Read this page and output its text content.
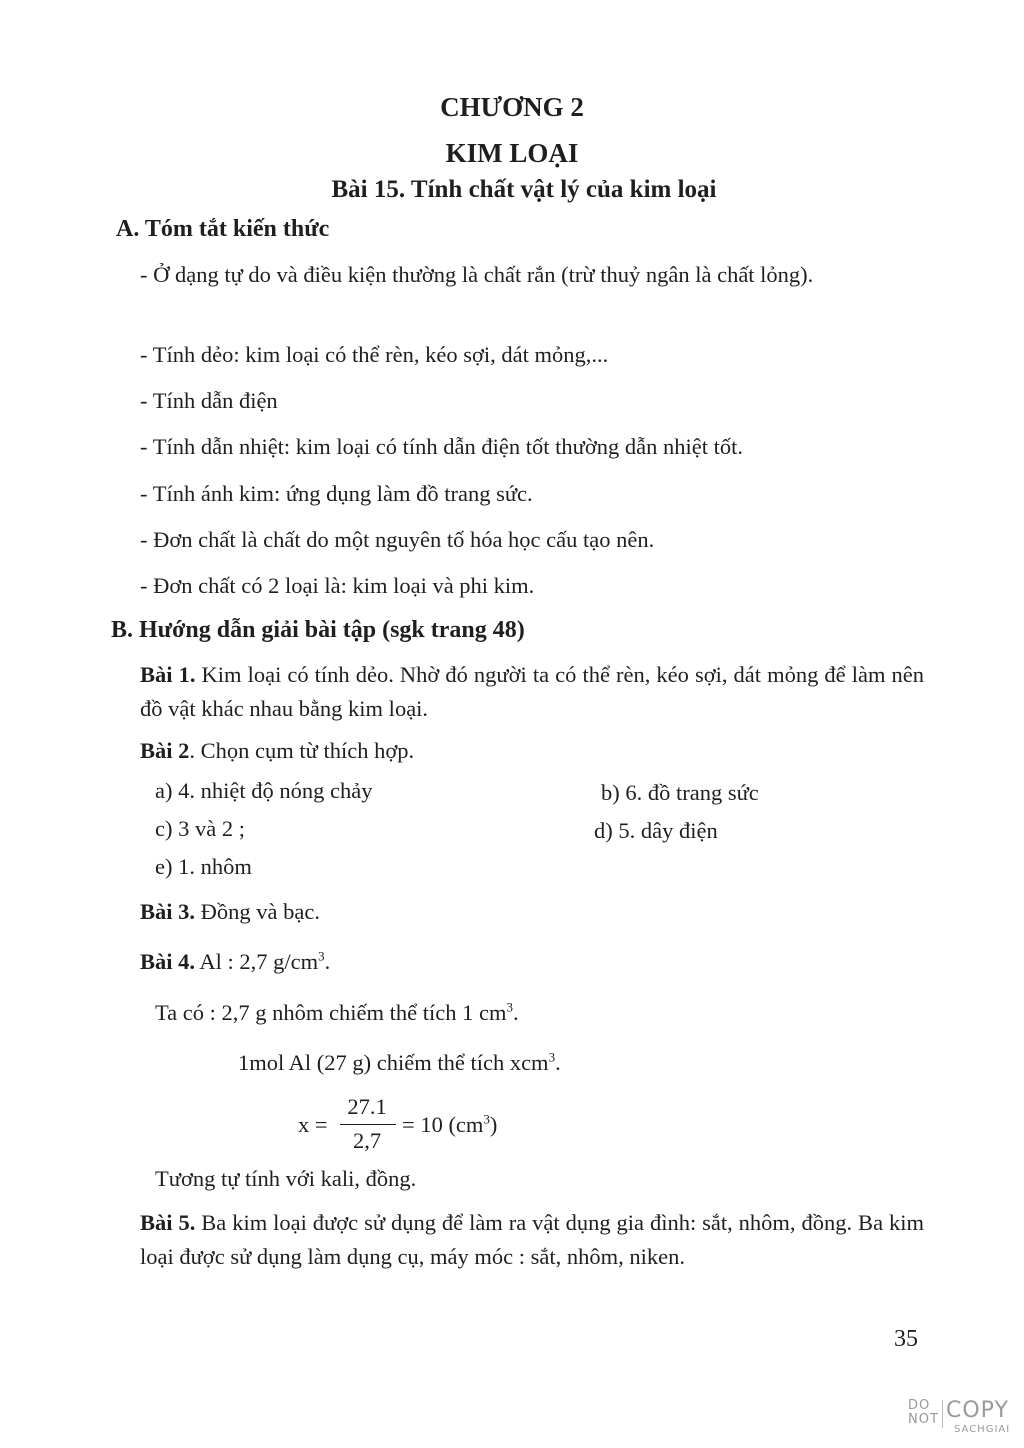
CHƯƠNG 2
KIM LOẠI
Bài 15. Tính chất vật lý của kim loại
A. Tóm tắt kiến thức
- Ở dạng tự do và điều kiện thường là chất rắn (trừ thuỷ ngân là chất lỏng).
- Tính dẻo: kim loại có thể rèn, kéo sợi, dát mỏng,...
- Tính dẫn điện
- Tính dẫn nhiệt: kim loại có tính dẫn điện tốt thường dẫn nhiệt tốt.
- Tính ánh kim: ứng dụng làm đồ trang sức.
- Đơn chất là chất do một nguyên tố hóa học cấu tạo nên.
- Đơn chất có 2 loại là: kim loại và phi kim.
B. Hướng dẫn giải bài tập (sgk trang 48)
Bài 1. Kim loại có tính dẻo. Nhờ đó người ta có thể rèn, kéo sợi, dát mỏng để làm nên đồ vật khác nhau bằng kim loại.
Bài 2. Chọn cụm từ thích hợp.
a) 4. nhiệt độ nóng chảy	b) 6. đồ trang sức
c) 3 và 2 ;	d) 5. dây điện
e) 1. nhôm
Bài 3. Đồng và bạc.
Bài 4. Al : 2,7 $g/cm^3$.
Ta có : 2,7 g nhôm chiếm thể tích 1 $cm^3$.
1mol Al (27 g) chiếm thể tích xcm$^3$.
x =
27.1
2,7
= 10 $(cm^3)$
Tương tự tính với kali, đồng.
Bài 5. Ba kim loại được sử dụng để làm ra vật dụng gia đình: sắt, nhôm, đồng. Ba kim loại được sử dụng làm dụng cụ, máy móc : sắt, nhôm, niken.
35
DO
NOT COPY
SACHGIAI
